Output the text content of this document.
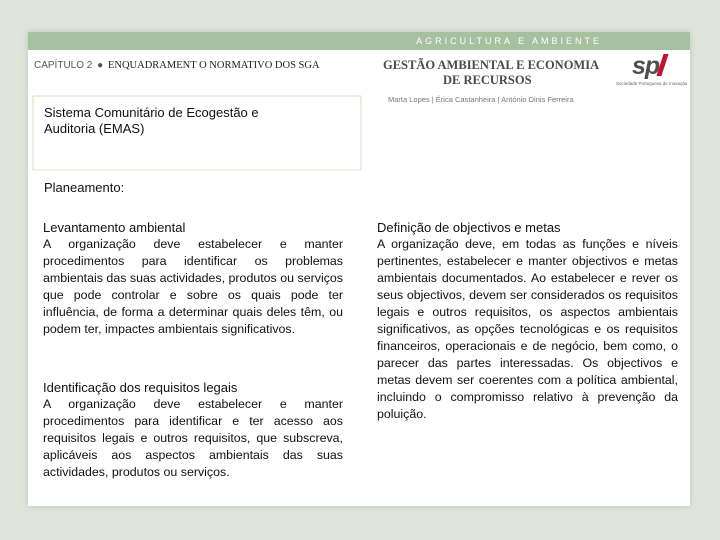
AGRICULTURA E AMBIENTE
CAPÍTULO 2 ● ENQUADRAMENT O NORMATIVO DOS SGA	GESTÃO AMBIENTAL E ECONOMIA
DE RECURSOS
Marta Lopes | Érica Castanheira | António Dinis Ferreira
sp
Sociedade Portuguesa de Inovação
Sistema Comunitário de Ecogestão e
Auditoria (EMAS)
Planeamento:
Levantamento ambiental
A organização deve estabelecer e manter procedimentos para identificar os problemas ambientais das suas actividades, produtos ou serviços que pode controlar e sobre os quais pode ter influência, de forma a determinar quais deles têm, ou podem ter, impactes ambientais significativos.
Identificação dos requisitos legais
A organização deve estabelecer e manter procedimentos para identificar e ter acesso aos requisitos legais e outros requisitos, que subscreva, aplicáveis aos aspectos ambientais das suas actividades, produtos ou serviços.
Definição de objectivos e metas
A organização deve, em todas as funções e níveis pertinentes, estabelecer e manter objectivos e metas ambientais documentados. Ao estabelecer e rever os seus objectivos, devem ser considerados os requisitos legais e outros requisitos, os aspectos ambientais significativos, as opções tecnológicas e os requisitos financeiros, operacionais e de negócio, bem como, o parecer das partes interessadas. Os objectivos e metas devem ser coerentes com a política ambiental, incluindo o compromisso relativo à prevenção da poluição.
